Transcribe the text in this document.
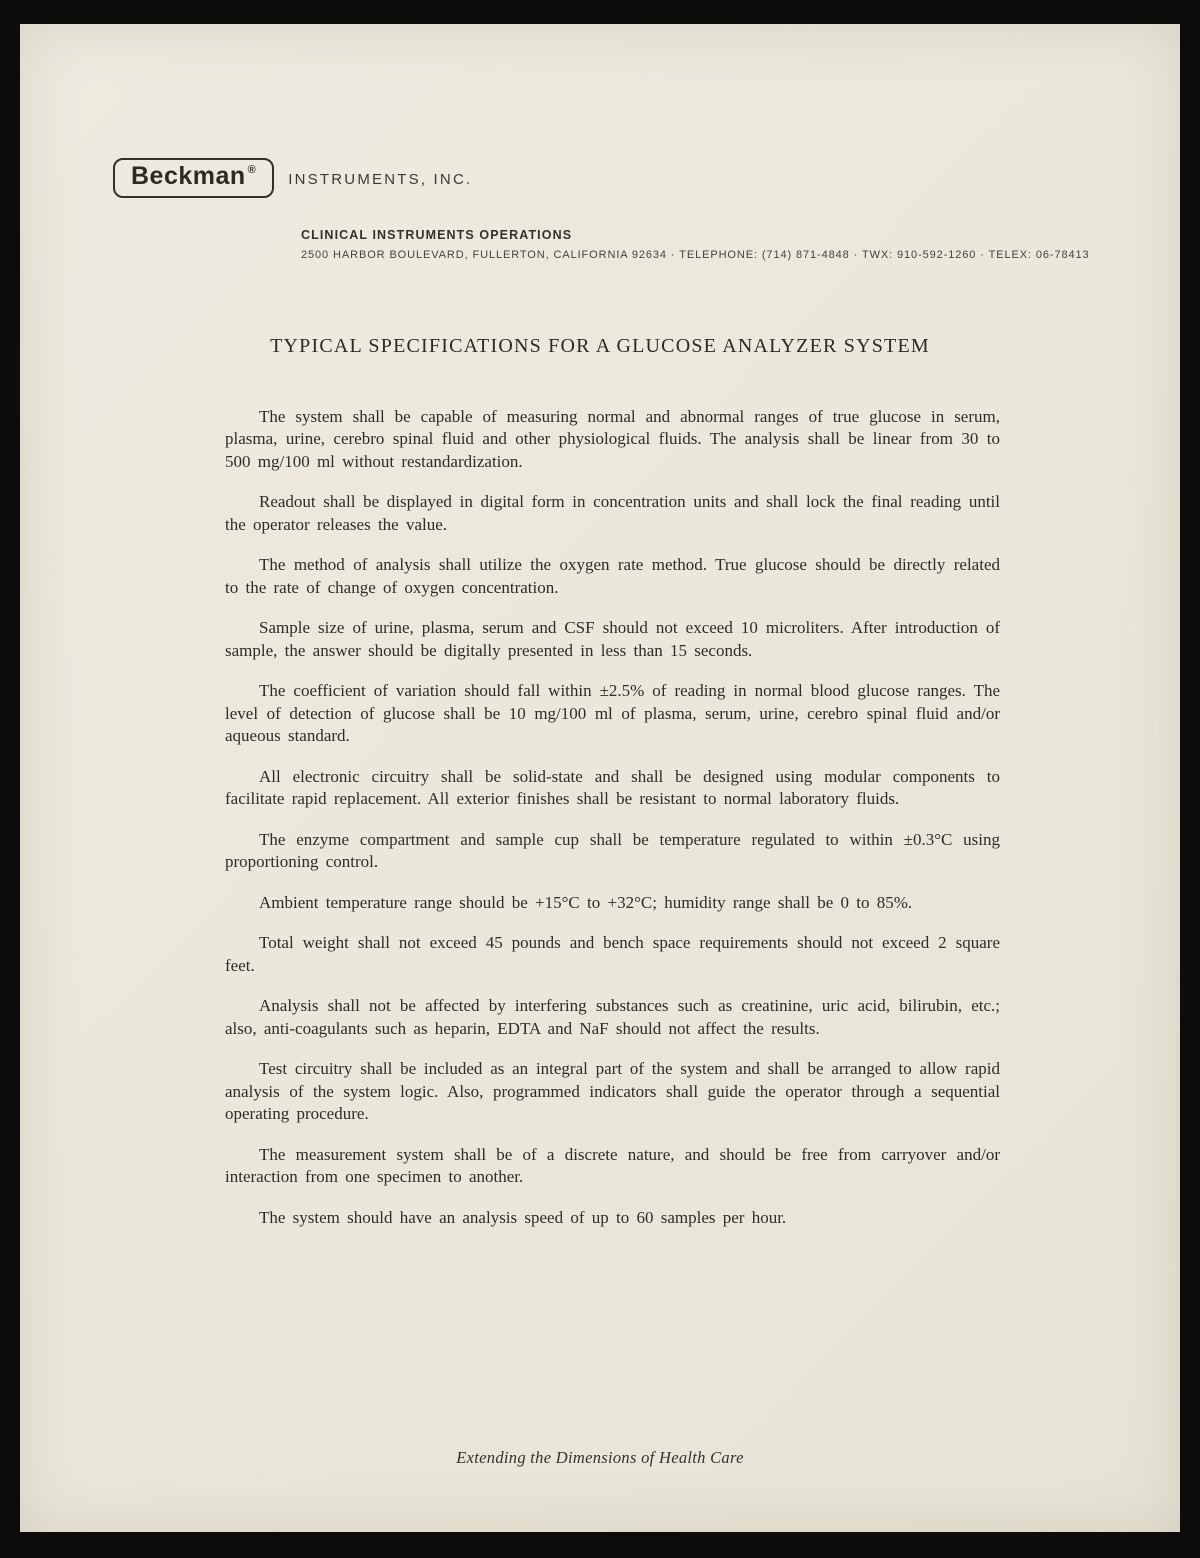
Beckman ®
INSTRUMENTS, INC.
CLINICAL INSTRUMENTS OPERATIONS
2500 HARBOR BOULEVARD, FULLERTON, CALIFORNIA 92634 · TELEPHONE: (714) 871-4848 · TWX: 910-592-1260 · TELEX: 06-78413
TYPICAL SPECIFICATIONS FOR A GLUCOSE ANALYZER SYSTEM

The system shall be capable of measuring normal and abnormal ranges of true glucose in serum, plasma, urine, cerebro spinal fluid and other physiological fluids. The analysis shall be linear from 30 to 500 mg/100 ml without restandardization.

Readout shall be displayed in digital form in concentration units and shall lock the final reading until the operator releases the value.

The method of analysis shall utilize the oxygen rate method. True glucose should be directly related to the rate of change of oxygen concentration.

Sample size of urine, plasma, serum and CSF should not exceed 10 microliters. After introduction of sample, the answer should be digitally presented in less than 15 seconds.

The coefficient of variation should fall within ±2.5% of reading in normal blood glucose ranges. The level of detection of glucose shall be 10 mg/100 ml of plasma, serum, urine, cerebro spinal fluid and/or aqueous standard.

All electronic circuitry shall be solid-state and shall be designed using modular components to facilitate rapid replacement. All exterior finishes shall be resistant to normal laboratory fluids.

The enzyme compartment and sample cup shall be temperature regulated to within ±0.3°C using proportioning control.

Ambient temperature range should be +15°C to +32°C; humidity range shall be 0 to 85%.

Total weight shall not exceed 45 pounds and bench space requirements should not exceed 2 square feet.

Analysis shall not be affected by interfering substances such as creatinine, uric acid, bilirubin, etc.; also, anti-coagulants such as heparin, EDTA and NaF should not affect the results.

Test circuitry shall be included as an integral part of the system and shall be arranged to allow rapid analysis of the system logic. Also, programmed indicators shall guide the operator through a sequential operating procedure.

The measurement system shall be of a discrete nature, and should be free from carryover and/or interaction from one specimen to another.

The system should have an analysis speed of up to 60 samples per hour.

Extending the Dimensions of Health Care
